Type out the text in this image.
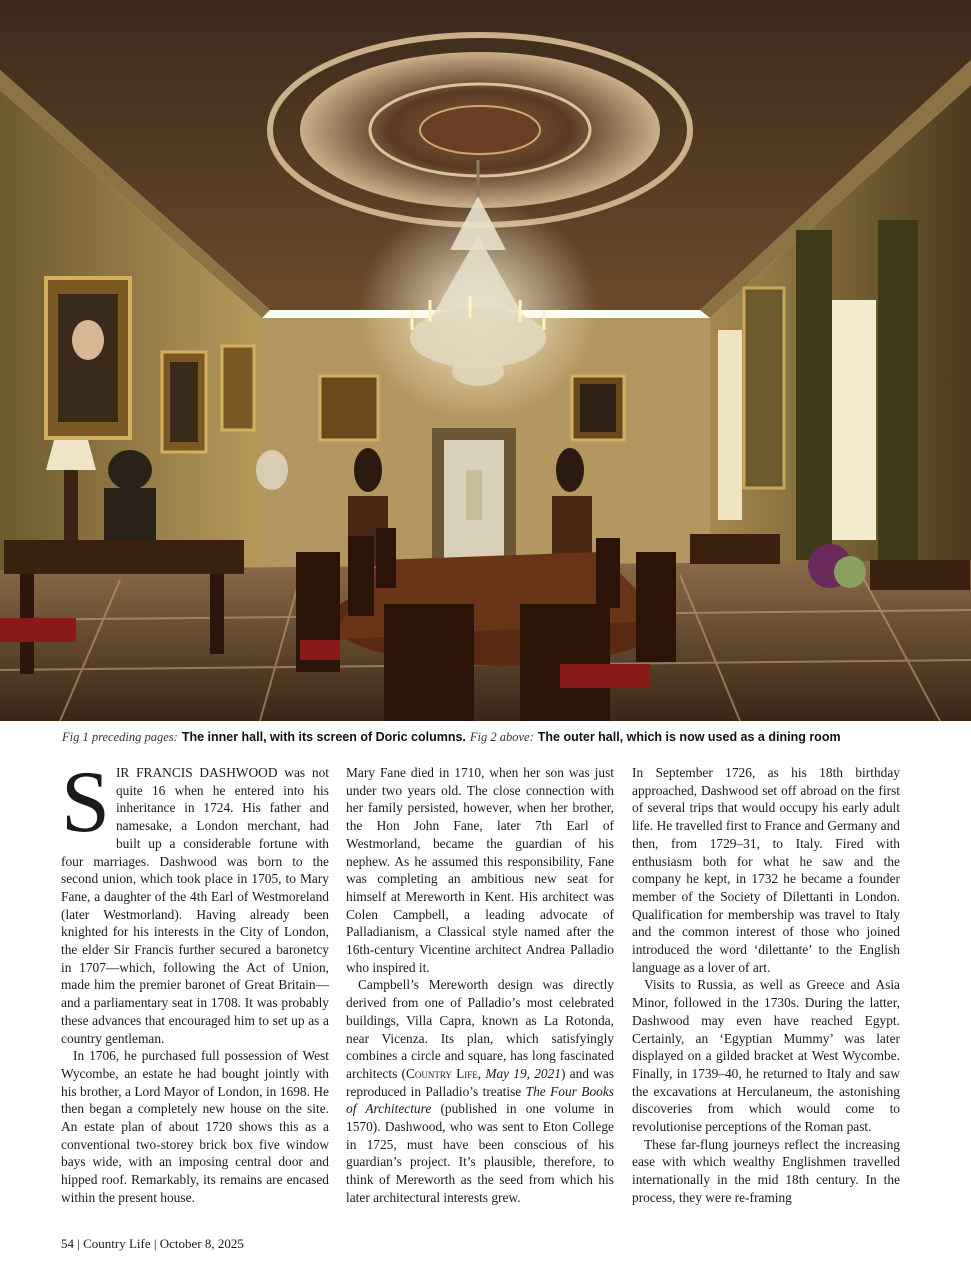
Fig 1 preceding pages: The inner hall, with its screen of Doric columns. Fig 2 above: The outer hall, which is now used as a dining room

SIR FRANCIS DASHWOOD was not quite 16 when he entered into his inheritance in 1724. His father and namesake, a London merchant, had built up a considerable fortune with four marriages. Dashwood was born to the second union, which took place in 1705, to Mary Fane, a daughter of the 4th Earl of Westmoreland (later Westmorland). Having already been knighted for his interests in the City of London, the elder Sir Francis further secured a baronetcy in 1707—which, following the Act of Union, made him the premier baronet of Great Britain—and a parliamentary seat in 1708. It was probably these advances that encouraged him to set up as a country gentleman.

In 1706, he purchased full possession of West Wycombe, an estate he had bought jointly with his brother, a Lord Mayor of London, in 1698. He then began a completely new house on the site. An estate plan of about 1720 shows this as a conventional two-storey brick box five window bays wide, with an imposing central door and hipped roof. Remarkably, its remains are encased within the present house.

Mary Fane died in 1710, when her son was just under two years old. The close connection with her family persisted, however, when her brother, the Hon John Fane, later 7th Earl of Westmorland, became the guardian of his nephew. As he assumed this responsibility, Fane was completing an ambitious new seat for himself at Mereworth in Kent. His architect was Colen Campbell, a leading advocate of Palladianism, a Classical style named after the 16th-century Vicentine architect Andrea Palladio who inspired it.

Campbell’s Mereworth design was directly derived from one of Palladio’s most celebrated buildings, Villa Capra, known as La Rotonda, near Vicenza. Its plan, which satisfyingly combines a circle and square, has long fascinated architects (Country Life, May 19, 2021) and was reproduced in Palladio’s treatise The Four Books of Architecture (published in one volume in 1570). Dashwood, who was sent to Eton College in 1725, must have been conscious of his guardian’s project. It’s plausible, therefore, to think of Mereworth as the seed from which his later architectural interests grew.

In September 1726, as his 18th birthday approached, Dashwood set off abroad on the first of several trips that would occupy his early adult life. He travelled first to France and Germany and then, from 1729–31, to Italy. Fired with enthusiasm both for what he saw and the company he kept, in 1732 he became a founder member of the Society of Dilettanti in London. Qualification for membership was travel to Italy and the common interest of those who joined introduced the word ‘dilettante’ to the English language as a lover of art.

Visits to Russia, as well as Greece and Asia Minor, followed in the 1730s. During the latter, Dashwood may even have reached Egypt. Certainly, an ‘Egyptian Mummy’ was later displayed on a gilded bracket at West Wycombe. Finally, in 1739–40, he returned to Italy and saw the excavations at Herculaneum, the astonishing discoveries from which would come to revolutionise perceptions of the Roman past.

These far-flung journeys reflect the increasing ease with which wealthy Englishmen travelled internationally in the mid 18th century. In the process, they were re-framing

54 | Country Life | October 8, 2025
